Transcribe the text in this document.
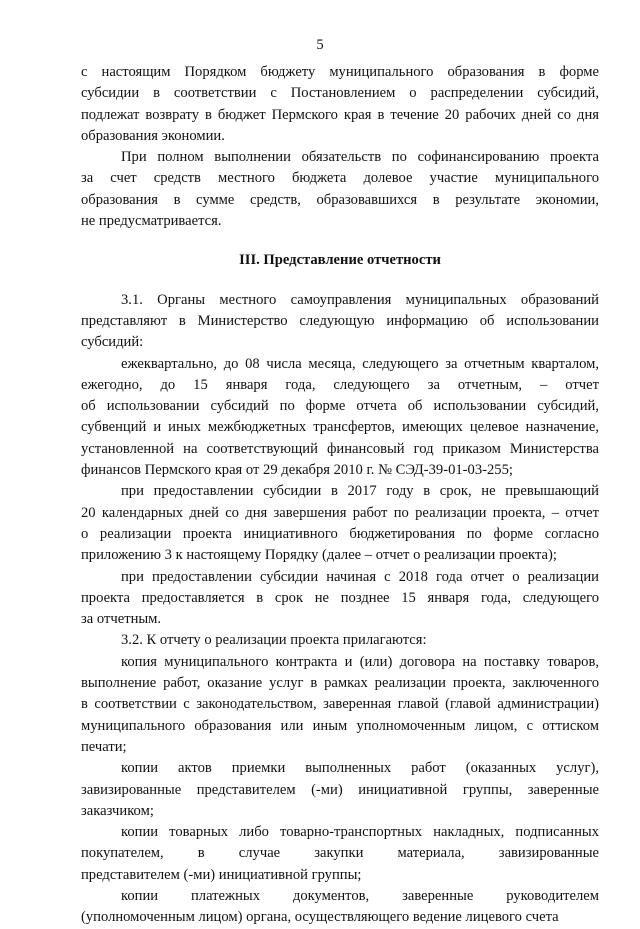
5
с настоящим Порядком бюджету муниципального образования в форме
субсидии в соответствии с Постановлением о распределении субсидий,
подлежат возврату в бюджет Пермского края в течение 20 рабочих дней со дня
образования экономии.
При полном выполнении обязательств по софинансированию проекта
за счет средств местного бюджета долевое участие муниципального
образования в сумме средств, образовавшихся в результате экономии,
не предусматривается.
III. Представление отчетности
3.1. Органы местного самоуправления муниципальных образований
представляют в Министерство следующую информацию об использовании
субсидий:
ежеквартально, до 08 числа месяца, следующего за отчетным кварталом,
ежегодно, до 15 января года, следующего за отчетным, – отчет
об использовании субсидий по форме отчета об использовании субсидий,
субвенций и иных межбюджетных трансфертов, имеющих целевое назначение,
установленной на соответствующий финансовый год приказом Министерства
финансов Пермского края от 29 декабря 2010 г. № СЭД-39-01-03-255;
при предоставлении субсидии в 2017 году в срок, не превышающий
20 календарных дней со дня завершения работ по реализации проекта, – отчет
о реализации проекта инициативного бюджетирования по форме согласно
приложению 3 к настоящему Порядку (далее – отчет о реализации проекта);
при предоставлении субсидии начиная с 2018 года отчет о реализации
проекта предоставляется в срок не позднее 15 января года, следующего
за отчетным.
3.2. К отчету о реализации проекта прилагаются:
копия муниципального контракта и (или) договора на поставку товаров,
выполнение работ, оказание услуг в рамках реализации проекта, заключенного
в соответствии с законодательством, заверенная главой (главой администрации)
муниципального образования или иным уполномоченным лицом, с оттиском
печати;
копии актов приемки выполненных работ (оказанных услуг),
завизированные представителем (-ми) инициативной группы, заверенные
заказчиком;
копии товарных либо товарно-транспортных накладных, подписанных
покупателем, в случае закупки материала, завизированные
представителем (-ми) инициативной группы;
копии платежных документов, заверенные руководителем
(уполномоченным лицом) органа, осуществляющего ведение лицевого счета
